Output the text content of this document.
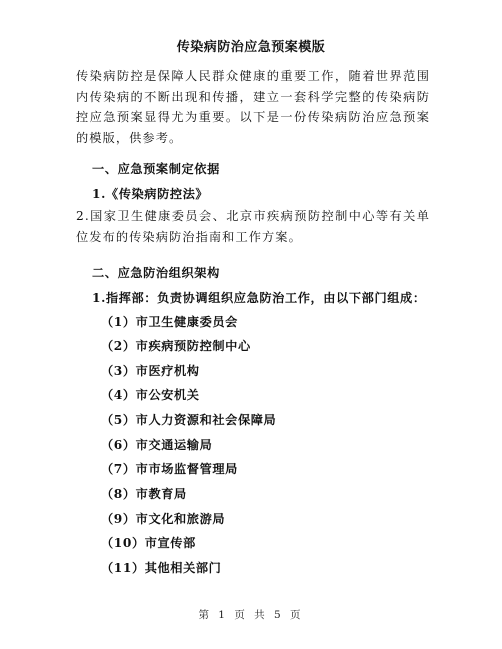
传染病防治应急预案模版
传染病防控是保障人民群众健康的重要工作，随着世界范围内传染病的不断出现和传播，建立一套科学完整的传染病防控应急预案显得尤为重要。以下是一份传染病防治应急预案的模版，供参考。
一、应急预案制定依据
1.《传染病防控法》
2.国家卫生健康委员会、北京市疾病预防控制中心等有关单位发布的传染病防治指南和工作方案。
二、应急防治组织架构
1.指挥部：负责协调组织应急防治工作，由以下部门组成：
（1）市卫生健康委员会
（2）市疾病预防控制中心
（3）市医疗机构
（4）市公安机关
（5）市人力资源和社会保障局
（6）市交通运输局
（7）市市场监督管理局
（8）市教育局
（9）市文化和旅游局
（10）市宣传部
（11）其他相关部门
第 1 页 共 5 页
